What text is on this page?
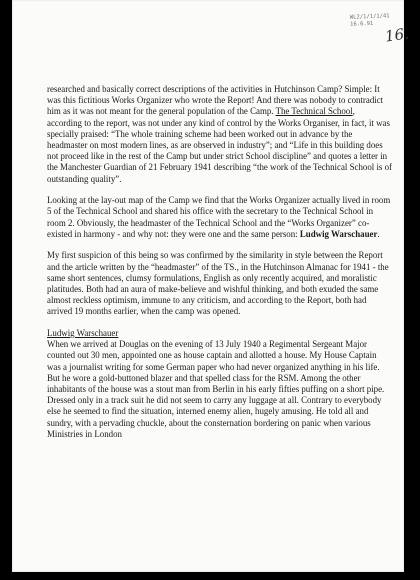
WL2/1/1/1/41
16.6.91
16.

researched and basically correct descriptions of the activities in Hutchinson Camp? Simple: It was this fictitious Works Organizer who wrote the Report! And there was nobody to contradict him as it was not meant for the general population of the Camp. The Technical School, according to the report, was not under any kind of control by the Works Organiser, in fact, it was specially praised: “The whole training scheme had been worked out in advance by the headmaster on most modern lines, as are observed in industry”; and “Life in this building does not proceed like in the rest of the Camp but under strict School discipline” and quotes a letter in the Manchester Guardian of 21 February 1941 describing “the work of the Technical School is of outstanding quality”.

Looking at the lay-out map of the Camp we find that the Works Organizer actually lived in room 5 of the Technical School and shared his office with the secretary to the Technical School in room 2. Obviously, the headmaster of the Technical School and the “Works Organizer” co-existed in harmony - and why not: they were one and the same person: Ludwig Warschauer.

My first suspicion of this being so was confirmed by the similarity in style between the Report and the article written by the “headmaster” of the TS., in the Hutchinson Almanac for 1941 - the same short sentences, clumsy formulations, English as only recently acquired, and moralistic platitudes. Both had an aura of make-believe and wishful thinking, and both exuded the same almost reckless optimism, immune to any criticism, and according to the Report, both had arrived 19 months earlier, when the camp was opened.

Ludwig Warschauer
When we arrived at Douglas on the evening of 13 July 1940 a Regimental Sergeant Major counted out 30 men, appointed one as house captain and allotted a house. My House Captain was a journalist writing for some German paper who had never organized anything in his life. But he wore a gold-buttoned blazer and that spelled class for the RSM. Among the other inhabitants of the house was a stout man from Berlin in his early fifties puffing on a short pipe. Dressed only in a track suit he did not seem to carry any luggage at all. Contrary to everybody else he seemed to find the situation, interned enemy alien, hugely amusing. He told all and sundry, with a pervading chuckle, about the consternation bordering on panic when various Ministries in London
